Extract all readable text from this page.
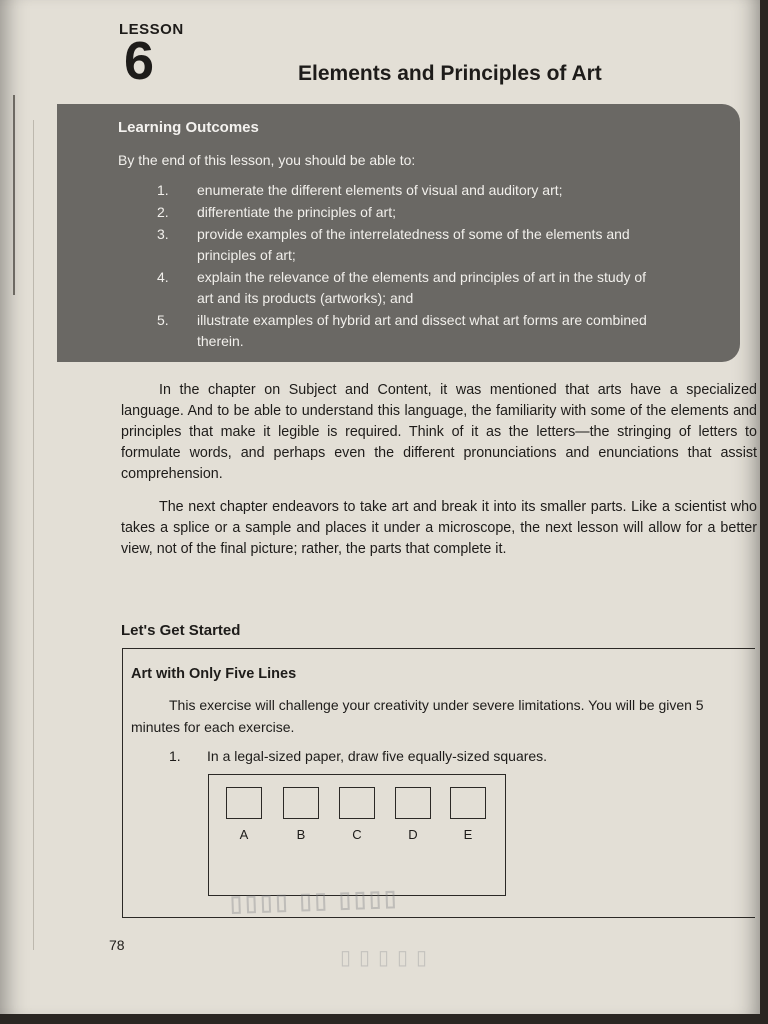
LESSON
6	Elements and Principles of Art
Learning Outcomes
By the end of this lesson, you should be able to:
1. enumerate the different elements of visual and auditory art;
2. differentiate the principles of art;
3. provide examples of the interrelatedness of some of the elements and principles of art;
4. explain the relevance of the elements and principles of art in the study of art and its products (artworks); and
5. illustrate examples of hybrid art and dissect what art forms are combined therein.

In the chapter on Subject and Content, it was mentioned that arts have a specialized language. And to be able to understand this language, the familiarity with some of the elements and principles that make it legible is required. Think of it as the letters—the stringing of letters to formulate words, and perhaps even the different pronunciations and enunciations that assist comprehension.

The next chapter endeavors to take art and break it into its smaller parts. Like a scientist who takes a splice or a sample and places it under a microscope, the next lesson will allow for a better view, not of the final picture; rather, the parts that complete it.

Let's Get Started
Art with Only Five Lines

This exercise will challenge your creativity under severe limitations. You will be given 5 minutes for each exercise.

1. In a legal-sized paper, draw five equally-sized squares.
A	B	C	D	E
▯▯▯▯ ▯▯ ▯▯▯▯
▯▯▯▯▯
78
